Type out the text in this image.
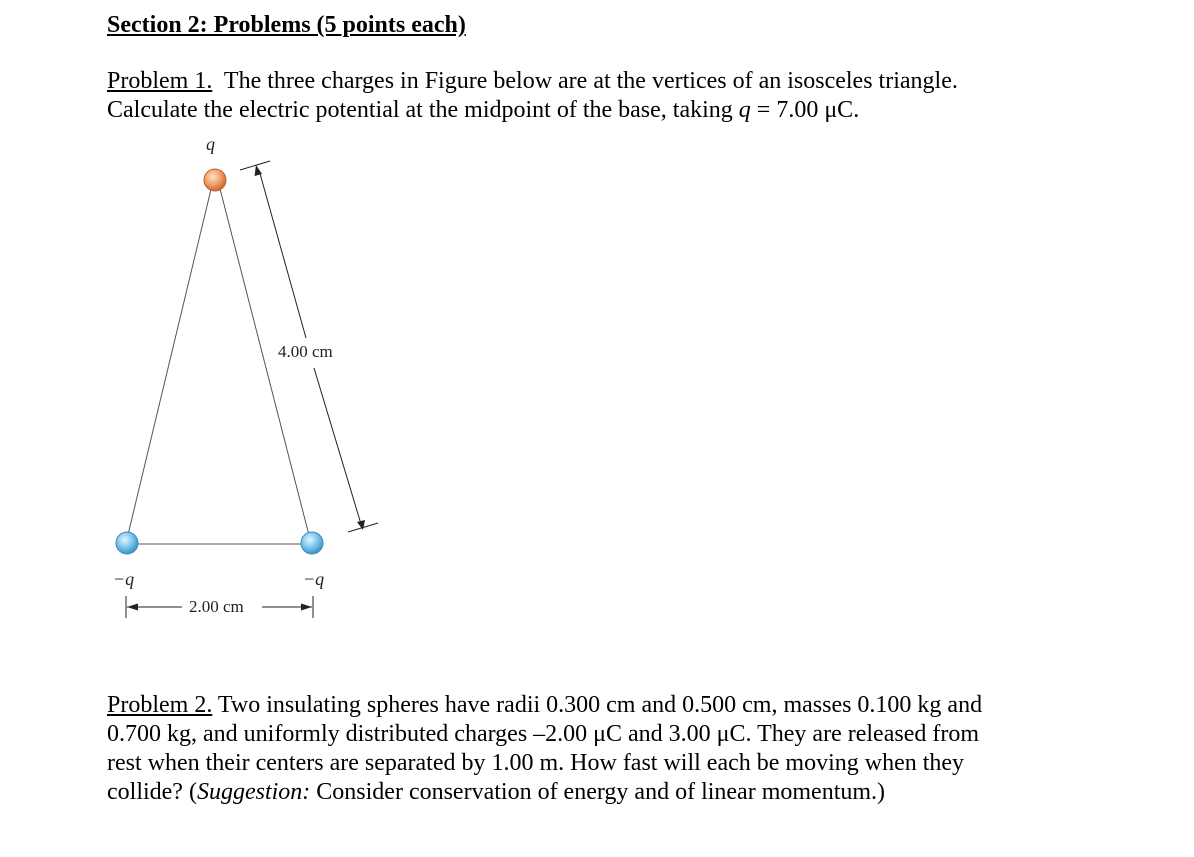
Section 2: Problems (5 points each)
Problem 1. The three charges in Figure below are at the vertices of an isosceles triangle.
Calculate the electric potential at the midpoint of the base, taking q = 7.00 μC.
4.00 cm
2.00 cm
q
−q	−q
Problem 2. Two insulating spheres have radii 0.300 cm and 0.500 cm, masses 0.100 kg and
0.700 kg, and uniformly distributed charges –2.00 μC and 3.00 μC. They are released from
rest when their centers are separated by 1.00 m. How fast will each be moving when they
collide? (Suggestion: Consider conservation of energy and of linear momentum.)
